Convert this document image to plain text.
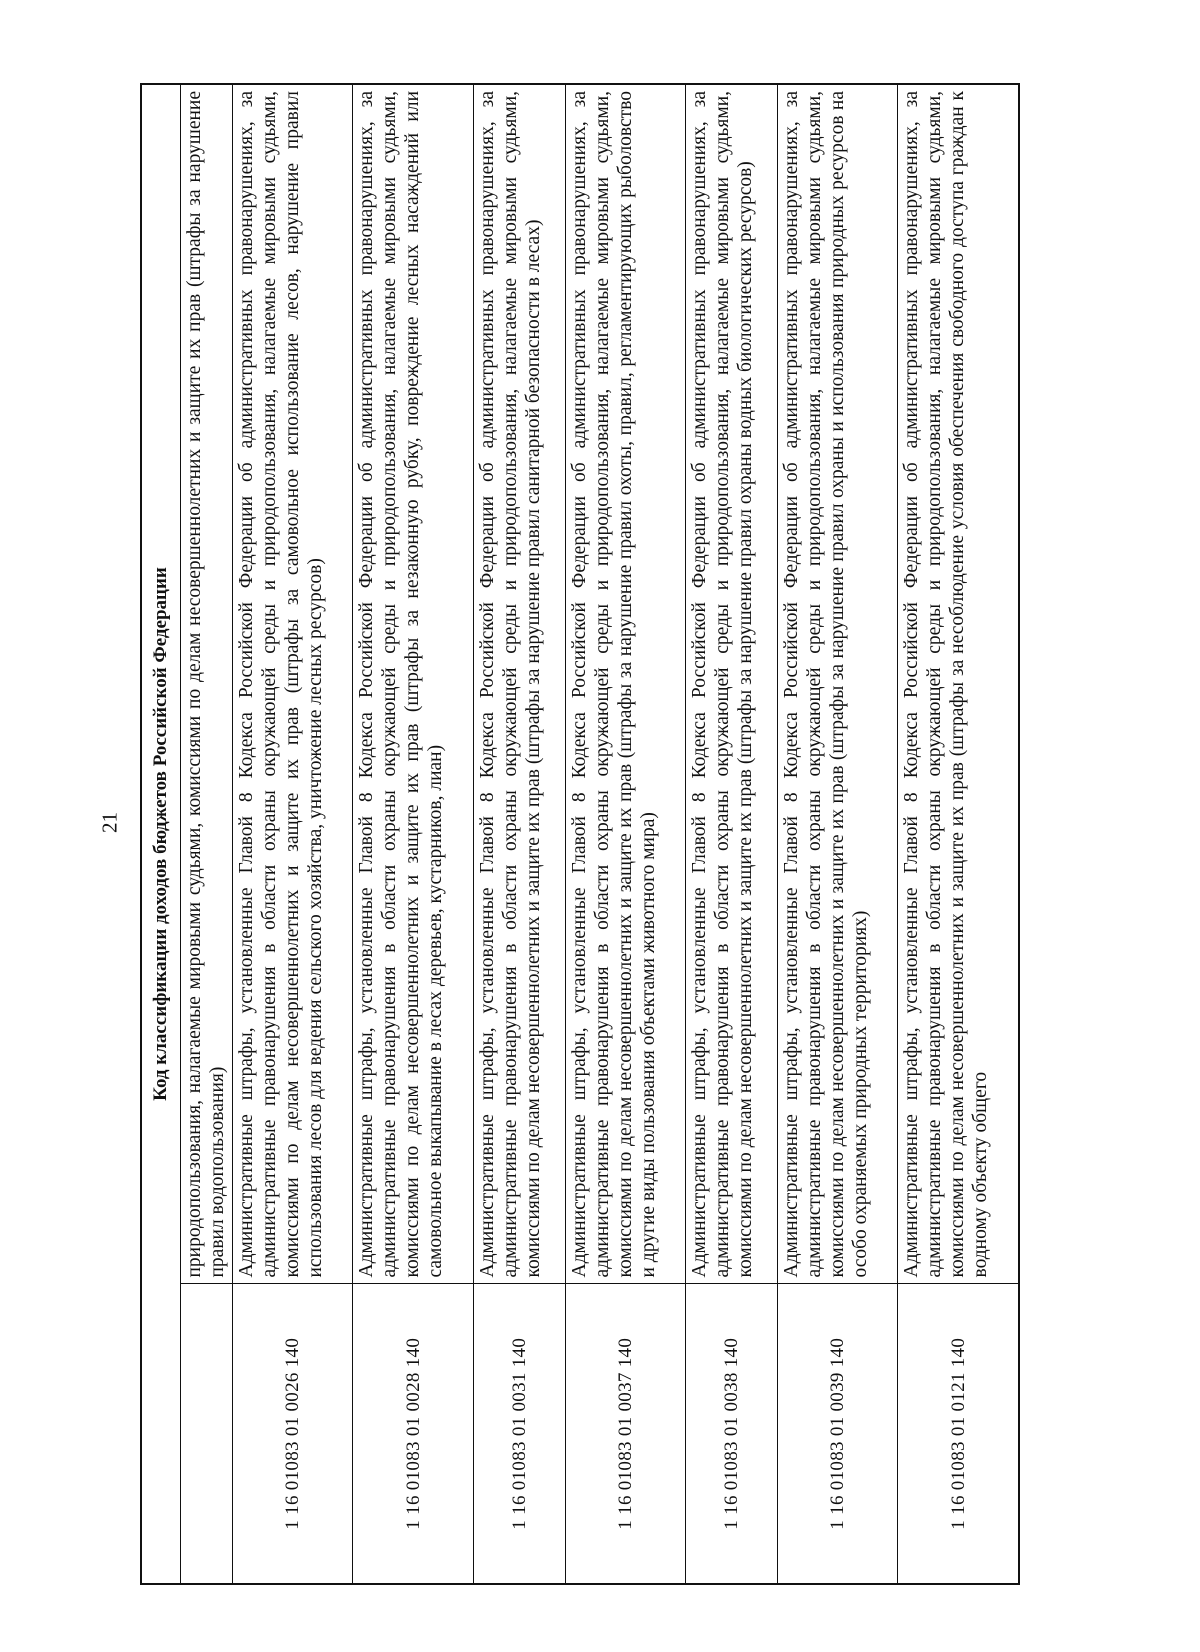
21 Код классификации доходов бюджетов Российской Федерации	
	природопользования, налагаемые мировыми судьями, комиссиями по делам несовершеннолетних и защите их прав (штрафы за нарушение правил водопользования)
1 16 01083 01 0026 140	Административные штрафы, установленные Главой 8 Кодекса Российской Федерации об административных правонарушениях, за административные правонарушения в области охраны окружающей среды и природопользования, налагаемые мировыми судьями, комиссиями по делам несовершеннолетних и защите их прав (штрафы за самовольное использование лесов, нарушение правил использования лесов для ведения сельского хозяйства, уничтожение лесных ресурсов)
1 16 01083 01 0028 140	Административные штрафы, установленные Главой 8 Кодекса Российской Федерации об административных правонарушениях, за административные правонарушения в области охраны окружающей среды и природопользования, налагаемые мировыми судьями, комиссиями по делам несовершеннолетних и защите их прав (штрафы за незаконную рубку, повреждение лесных насаждений или самовольное выкапывание в лесах деревьев, кустарников, лиан)
1 16 01083 01 0031 140	Административные штрафы, установленные Главой 8 Кодекса Российской Федерации об административных правонарушениях, за административные правонарушения в области охраны окружающей среды и природопользования, налагаемые мировыми судьями, комиссиями по делам несовершеннолетних и защите их прав (штрафы за нарушение правил санитарной безопасности в лесах)
1 16 01083 01 0037 140	Административные штрафы, установленные Главой 8 Кодекса Российской Федерации об административных правонарушениях, за административные правонарушения в области охраны окружающей среды и природопользования, налагаемые мировыми судьями, комиссиями по делам несовершеннолетних и защите их прав (штрафы за нарушение правил охоты, правил, регламентирующих рыболовство и другие виды пользования объектами животного мира)
1 16 01083 01 0038 140	Административные штрафы, установленные Главой 8 Кодекса Российской Федерации об административных правонарушениях, за административные правонарушения в области охраны окружающей среды и природопользования, налагаемые мировыми судьями, комиссиями по делам несовершеннолетних и защите их прав (штрафы за нарушение правил охраны водных биологических ресурсов)
1 16 01083 01 0039 140	Административные штрафы, установленные Главой 8 Кодекса Российской Федерации об административных правонарушениях, за административные правонарушения в области охраны окружающей среды и природопользования, налагаемые мировыми судьями, комиссиями по делам несовершеннолетних и защите их прав (штрафы за нарушение правил охраны и использования природных ресурсов на особо охраняемых природных территориях)
1 16 01083 01 0121 140	Административные штрафы, установленные Главой 8 Кодекса Российской Федерации об административных правонарушениях, за административные правонарушения в области охраны окружающей среды и природопользования, налагаемые мировыми судьями, комиссиями по делам несовершеннолетних и защите их прав (штрафы за несоблюдение условия обеспечения свободного доступа граждан к водному объекту общего
